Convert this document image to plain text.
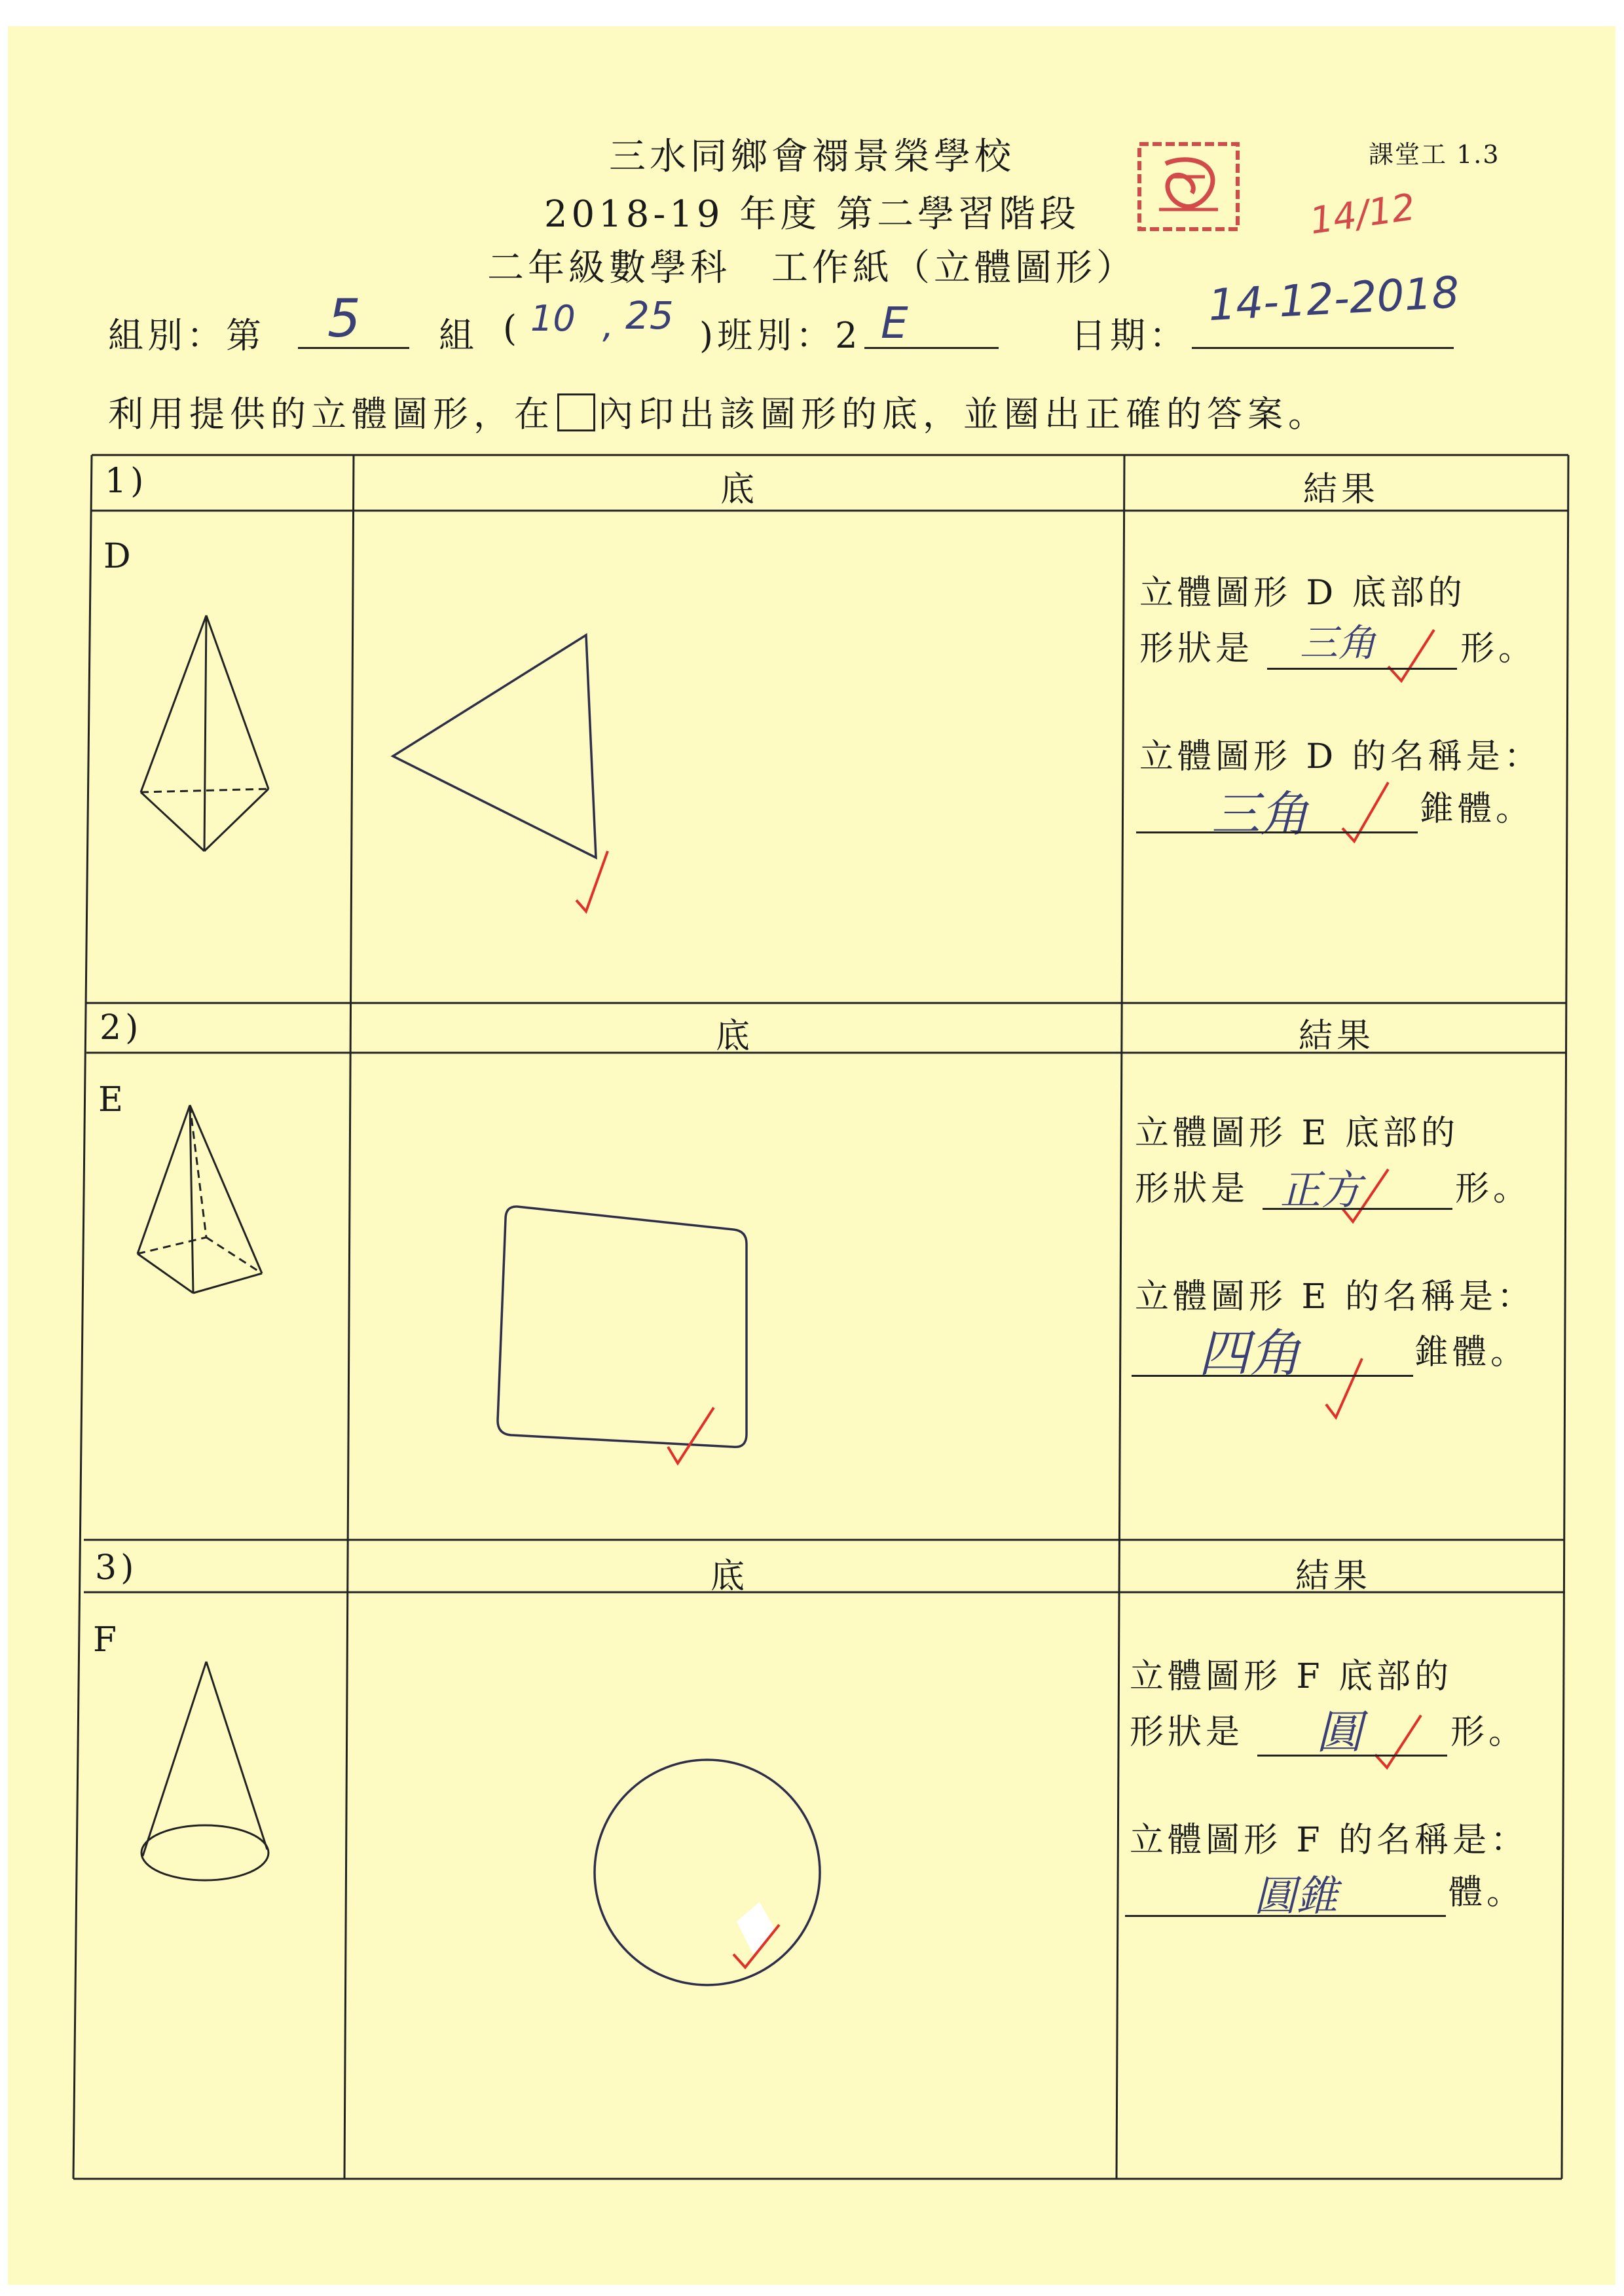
三水同鄉會禤景榮學校
2018-19 年度 第二學習階段
二年級數學科　工作紙（立體圖形）
課堂工 1.3
14/12
組別：第 5 組 ( 10 , 25 )班別：2 E	日期：
14-12-2018
利用提供的立體圖形，在 內印出該圖形的底，並圈出正確的答案。
1)	底	結果
D
立體圖形 D 底部的
形狀是 三角 形。
立體圖形 D 的名稱是：
三角	錐體。
2)	底	結果
E
立體圖形 E 底部的
形狀是 正方	形。
立體圖形 E 的名稱是：
四角	錐體。
3)	底	結果
F
立體圖形 F 底部的
形狀是 圓	形。
立體圖形 F 的名稱是：
圓錐	體。
